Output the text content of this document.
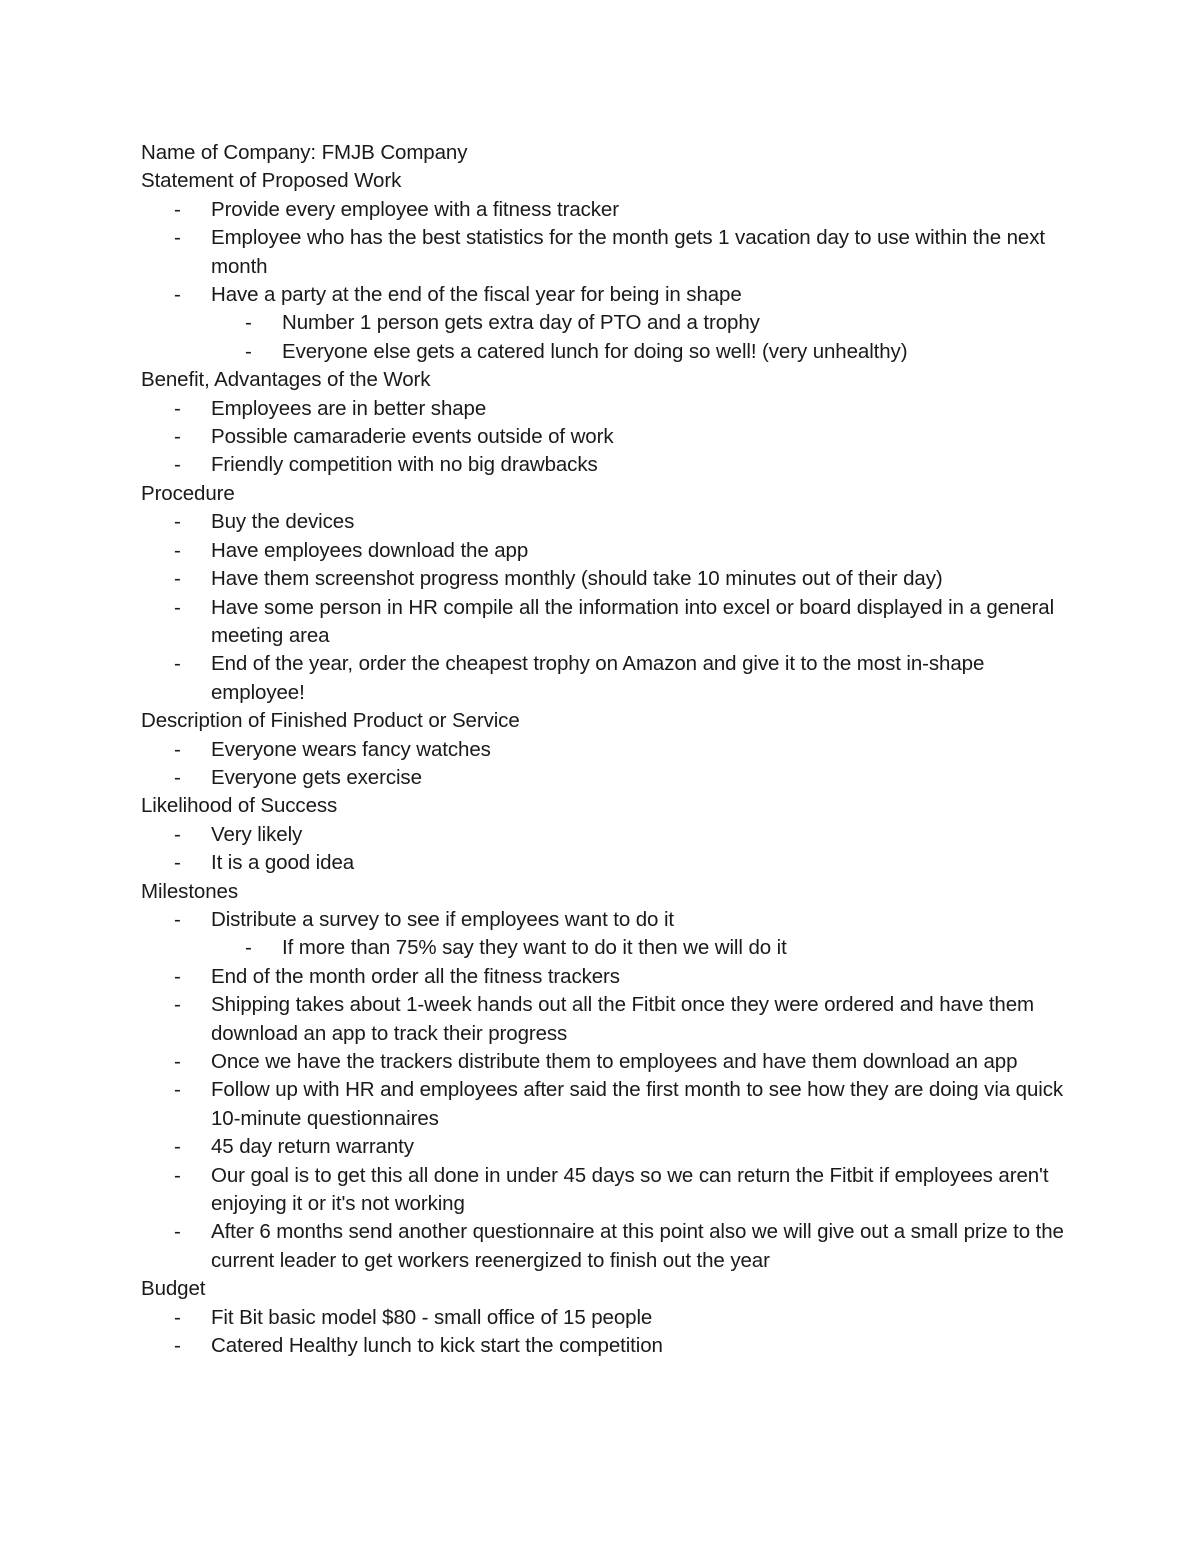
Name of Company: FMJB Company

Statement of Proposed Work

- Provide every employee with a fitness tracker
- Employee who has the best statistics for the month gets 1 vacation day to use within the next month
- Have a party at the end of the fiscal year for being in shape
- Number 1 person gets extra day of PTO and a trophy
- Everyone else gets a catered lunch for doing so well! (very unhealthy)

Benefit, Advantages of the Work

- Employees are in better shape
- Possible camaraderie events outside of work
- Friendly competition with no big drawbacks

Procedure

- Buy the devices
- Have employees download the app
- Have them screenshot progress monthly (should take 10 minutes out of their day)
- Have some person in HR compile all the information into excel or board displayed in a general meeting area
- End of the year, order the cheapest trophy on Amazon and give it to the most in-shape employee!

Description of Finished Product or Service

- Everyone wears fancy watches
- Everyone gets exercise

Likelihood of Success

- Very likely
- It is a good idea

Milestones

- Distribute a survey to see if employees want to do it
- If more than 75% say they want to do it then we will do it
- End of the month order all the fitness trackers
- Shipping takes about 1-week hands out all the Fitbit once they were ordered and have them download an app to track their progress
- Once we have the trackers distribute them to employees and have them download an app
- Follow up with HR and employees after said the first month to see how they are doing via quick 10-minute questionnaires
- 45 day return warranty
- Our goal is to get this all done in under 45 days so we can return the Fitbit if employees aren't enjoying it or it's not working
- After 6 months send another questionnaire at this point also we will give out a small prize to the current leader to get workers reenergized to finish out the year

Budget

- Fit Bit basic model $80 - small office of 15 people
- Catered Healthy lunch to kick start the competition
